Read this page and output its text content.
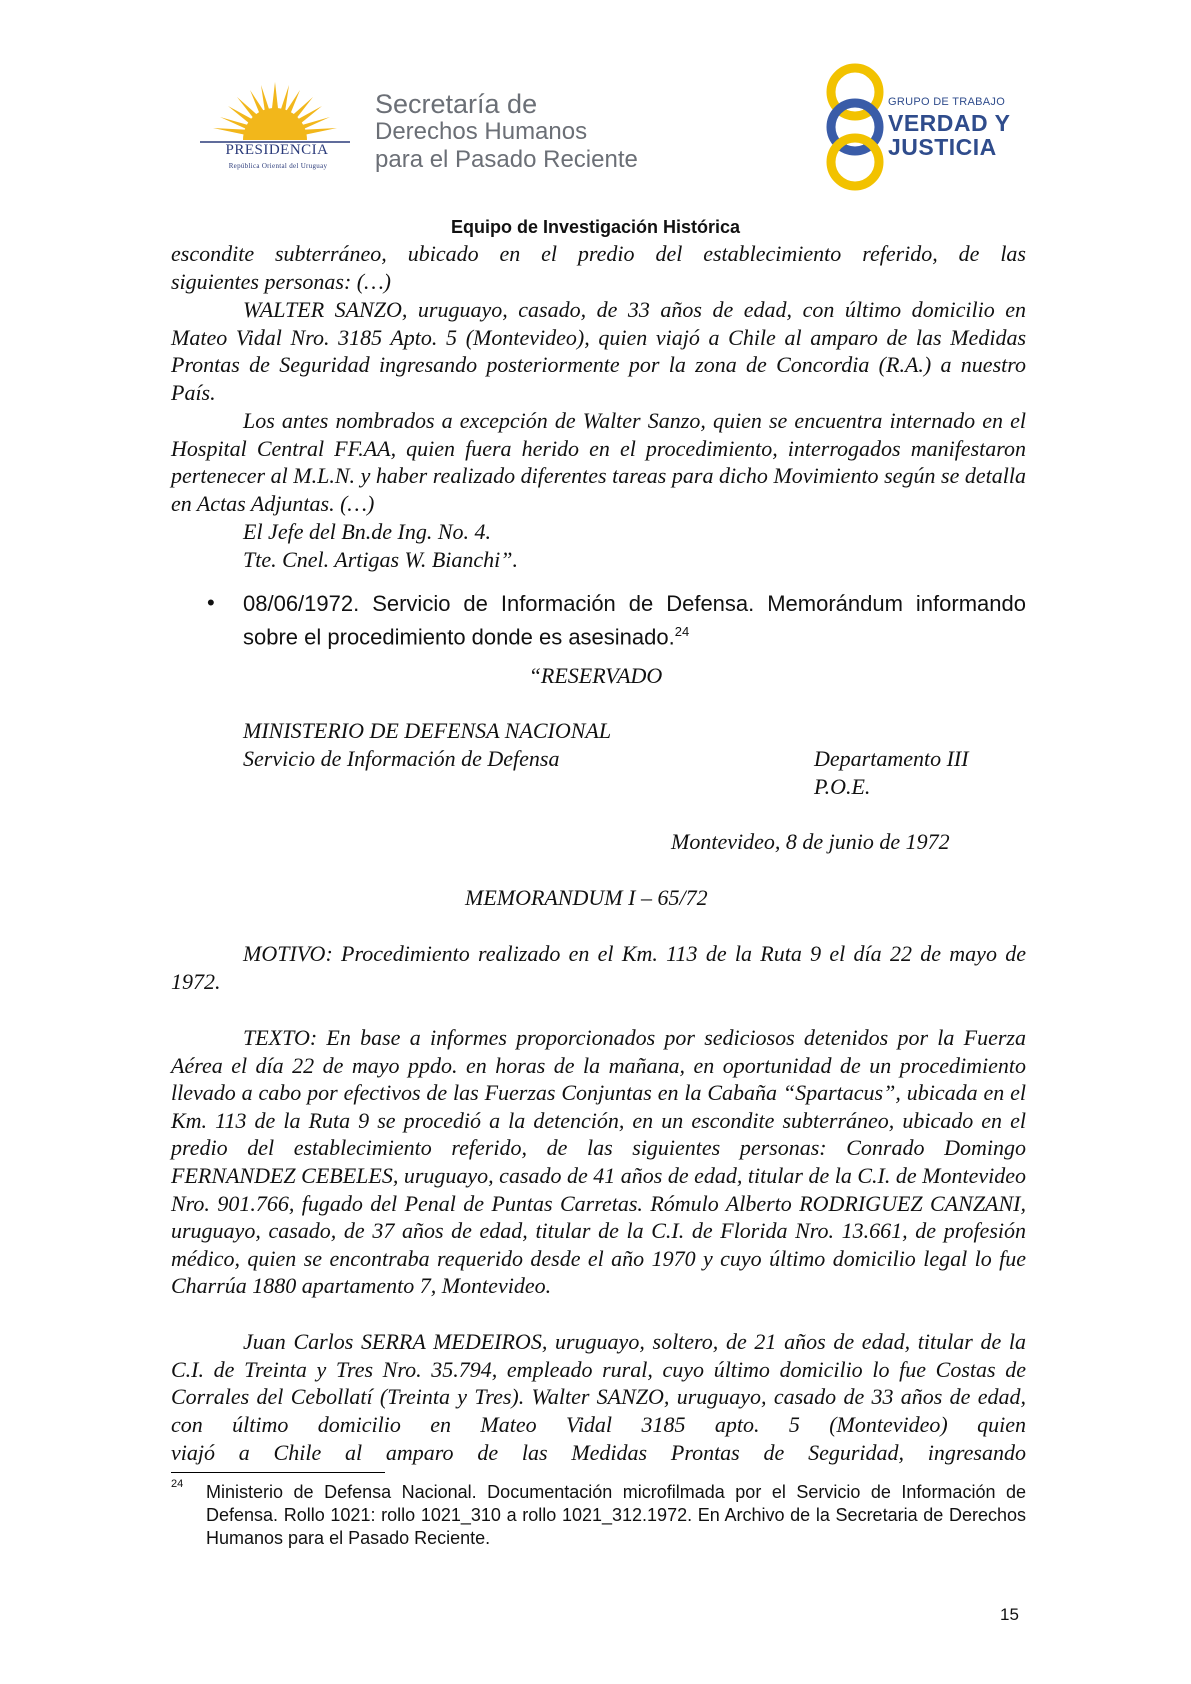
PRESIDENCIA
República Oriental del Uruguay
Secretaría de
Derechos Humanos
para el Pasado Reciente
GRUPO DE TRABAJO
VERDAD Y
JUSTICIA
Equipo de Investigación Histórica
escondite subterráneo, ubicado en el predio del establecimiento referido, de las
siguientes personas: (…)
WALTER SANZO, uruguayo, casado, de 33 años de edad, con último domicilio en Mateo Vidal Nro. 3185 Apto. 5 (Montevideo), quien viajó a Chile al amparo de las Medidas Prontas de Seguridad ingresando posteriormente por la zona de Concordia (R.A.) a nuestro País.
Los antes nombrados a excepción de Walter Sanzo, quien se encuentra internado en el Hospital Central FF.AA, quien fuera herido en el procedimiento, interrogados manifestaron pertenecer al M.L.N. y haber realizado diferentes tareas para dicho Movimiento según se detalla en Actas Adjuntas. (…)
El Jefe del Bn.de Ing. No. 4.
Tte. Cnel. Artigas W. Bianchi”.
• 08/06/1972. Servicio de Información de Defensa. Memorándum informando sobre el procedimiento donde es asesinado.$^{24}$
“RESERVADO
MINISTERIO DE DEFENSA NACIONAL
Servicio de Información de Defensa	Departamento III
P.O.E.
Montevideo, 8 de junio de 1972
MEMORANDUM I – 65/72
MOTIVO: Procedimiento realizado en el Km. 113 de la Ruta 9 el día 22 de mayo de 1972.
TEXTO: En base a informes proporcionados por sediciosos detenidos por la Fuerza Aérea el día 22 de mayo ppdo. en horas de la mañana, en oportunidad de un procedimiento llevado a cabo por efectivos de las Fuerzas Conjuntas en la Cabaña “Spartacus”, ubicada en el Km. 113 de la Ruta 9 se procedió a la detención, en un escondite subterráneo, ubicado en el predio del establecimiento referido, de las siguientes personas: Conrado Domingo FERNANDEZ CEBELES, uruguayo, casado de 41 años de edad, titular de la C.I. de Montevideo Nro. 901.766, fugado del Penal de Puntas Carretas. Rómulo Alberto RODRIGUEZ CANZANI, uruguayo, casado, de 37 años de edad, titular de la C.I. de Florida Nro. 13.661, de profesión médico, quien se encontraba requerido desde el año 1970 y cuyo último domicilio legal lo fue Charrúa 1880 apartamento 7, Montevideo.
Juan Carlos SERRA MEDEIROS, uruguayo, soltero, de 21 años de edad, titular de la C.I. de Treinta y Tres Nro. 35.794, empleado rural, cuyo último domicilio lo fue Costas de Corrales del Cebollatí (Treinta y Tres). Walter SANZO, uruguayo, casado de 33 años de edad, con último domicilio en Mateo Vidal 3185 apto. 5 (Montevideo) quien
viajó a Chile al amparo de las Medidas Prontas de Seguridad, ingresando
24 Ministerio de Defensa Nacional. Documentación microfilmada por el Servicio de Información de Defensa. Rollo 1021: rollo 1021_310 a rollo 1021_312.1972. En Archivo de la Secretaria de Derechos Humanos para el Pasado Reciente.
15
